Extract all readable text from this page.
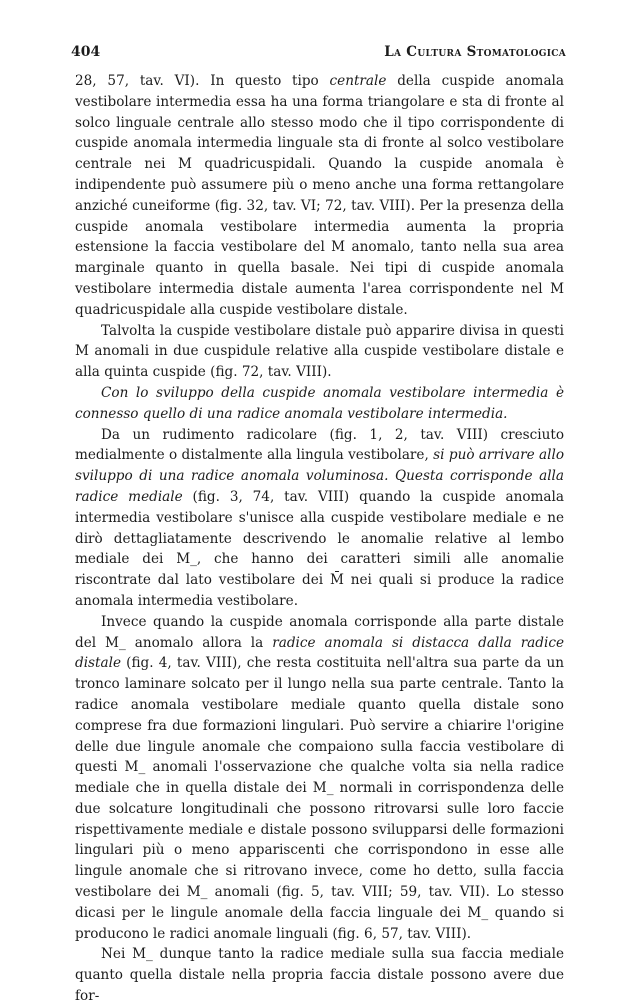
404	La Cultura Stomatologica

28, 57, tav. VI). In questo tipo centrale della cuspide anomala vestibolare intermedia essa ha una forma triangolare e sta di fronte al solco linguale centrale allo stesso modo che il tipo corrispondente di cuspide anomala intermedia linguale sta di fronte al solco vestibolare centrale nei M quadricuspidali. Quando la cuspide anomala è indipendente può assumere più o meno anche una forma rettangolare anziché cuneiforme (fig. 32, tav. VI; 72, tav. VIII). Per la presenza della cuspide anomala vestibolare intermedia aumenta la propria estensione la faccia vestibolare del M anomalo, tanto nella sua area marginale quanto in quella basale. Nei tipi di cuspide anomala vestibolare intermedia distale aumenta l'area corrispondente nel M quadricuspidale alla cuspide vestibolare distale.

Talvolta la cuspide vestibolare distale può apparire divisa in questi M anomali in due cuspidule relative alla cuspide vestibolare distale e alla quinta cuspide (fig. 72, tav. VIII).

Con lo sviluppo della cuspide anomala vestibolare intermedia è connesso quello di una radice anomala vestibolare intermedia.

Da un rudimento radicolare (fig. 1, 2, tav. VIII) cresciuto medialmente o distalmente alla lingula vestibolare, si può arrivare allo sviluppo di una radice anomala voluminosa. Questa corrisponde alla radice mediale (fig. 3, 74, tav. VIII) quando la cuspide anomala intermedia vestibolare s'unisce alla cuspide vestibolare mediale e ne dirò dettagliatamente descrivendo le anomalie relative al lembo mediale dei M_, che hanno dei caratteri simili alle anomalie riscontrate dal lato vestibolare dei M̄ nei quali si produce la radice anomala intermedia vestibolare.

Invece quando la cuspide anomala corrisponde alla parte distale del M_ anomalo allora la radice anomala si distacca dalla radice distale (fig. 4, tav. VIII), che resta costituita nell'altra sua parte da un tronco laminare solcato per il lungo nella sua parte centrale. Tanto la radice anomala vestibolare mediale quanto quella distale sono comprese fra due formazioni lingulari. Può servire a chiarire l'origine delle due lingule anomale che compaiono sulla faccia vestibolare di questi M_ anomali l'osservazione che qualche volta sia nella radice mediale che in quella distale dei M_ normali in corrispondenza delle due solcature longitudinali che possono ritrovarsi sulle loro faccie rispettivamente mediale e distale possono svilupparsi delle formazioni lingulari più o meno appariscenti che corrispondono in esse alle lingule anomale che si ritrovano invece, come ho detto, sulla faccia vestibolare dei M_ anomali (fig. 5, tav. VIII; 59, tav. VII). Lo stesso dicasi per le lingule anomale della faccia linguale dei M_ quando si producono le radici anomale linguali (fig. 6, 57, tav. VIII).

Nei M_ dunque tanto la radice mediale sulla sua faccia mediale quanto quella distale nella propria faccia distale possono avere due for-
